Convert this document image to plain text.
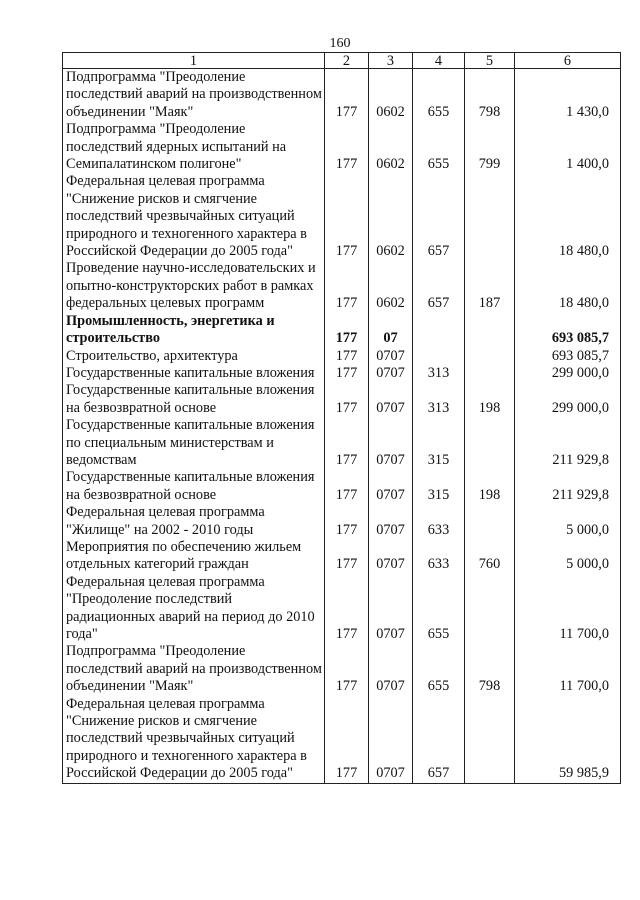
160
1	2	3	4	5	6
Подпрограмма "Преодоление последствий аварий на производственном объединении "Маяк"	177	0602	655	798	1 430,0
Подпрограмма "Преодоление последствий ядерных испытаний на Семипалатинском полигоне"	177	0602	655	799	1 400,0
Федеральная целевая программа "Снижение рисков и смягчение последствий чрезвычайных ситуаций природного и техногенного характера в Российской Федерации до 2005 года"	177	0602	657		18 480,0
Проведение научно-исследовательских и опытно-конструкторских работ в рамках федеральных целевых программ	177	0602	657	187	18 480,0
Промышленность, энергетика и строительство	177	07			693 085,7
Строительство, архитектура	177	0707			693 085,7
Государственные капитальные вложения	177	0707	313		299 000,0
Государственные капитальные вложения на безвозвратной основе	177	0707	313	198	299 000,0
Государственные капитальные вложения по специальным министерствам и ведомствам	177	0707	315		211 929,8
Государственные капитальные вложения на безвозвратной основе	177	0707	315	198	211 929,8
Федеральная целевая программа "Жилище" на 2002 - 2010 годы	177	0707	633		5 000,0
Мероприятия по обеспечению жильем отдельных категорий граждан	177	0707	633	760	5 000,0
Федеральная целевая программа "Преодоление последствий радиационных аварий на период до 2010 года"	177	0707	655		11 700,0
Подпрограмма "Преодоление последствий аварий на производственном объединении "Маяк"	177	0707	655	798	11 700,0
Федеральная целевая программа "Снижение рисков и смягчение последствий чрезвычайных ситуаций природного и техногенного характера в Российской Федерации до 2005 года"	177	0707	657		59 985,9
